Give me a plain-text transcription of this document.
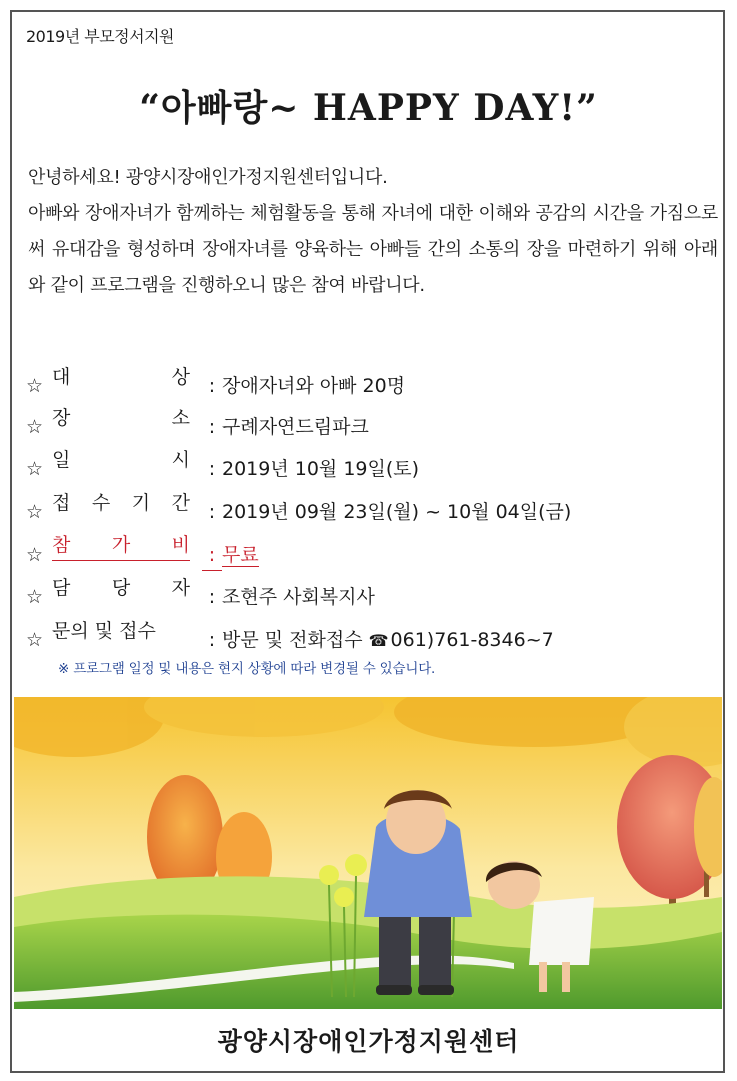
2019년 부모정서지원
“아빠랑~ HAPPY DAY!”

안녕하세요! 광양시장애인가정지원센터입니다.

아빠와 장애자녀가 함께하는 체험활동을 통해 자녀에 대한 이해와 공감의 시간을 가짐으로써 유대감을 형성하며 장애자녀를 양육하는 아빠들 간의 소통의 장을 마련하기 위해 아래와 같이 프로그램을 진행하오니 많은 참여 바랍니다.

☆ 대	상 : 장애자녀와 아빠 20명
☆ 장	소 : 구례자연드림파크
☆ 일	시 : 2019년 10월 19일(토)
☆ 접 수 기 간 : 2019년 09월 23일(월) ~ 10월 04일(금)
☆ 참 가 비 : 무료
☆ 담 당 자 : 조현주 사회복지사
☆ 문의 및 접수	: 방문 및 전화접수 ☎ 061)761-8346~7
※ 프로그램 일정 및 내용은 현지 상황에 따라 변경될 수 있습니다.
광양시장애인가정지원센터
